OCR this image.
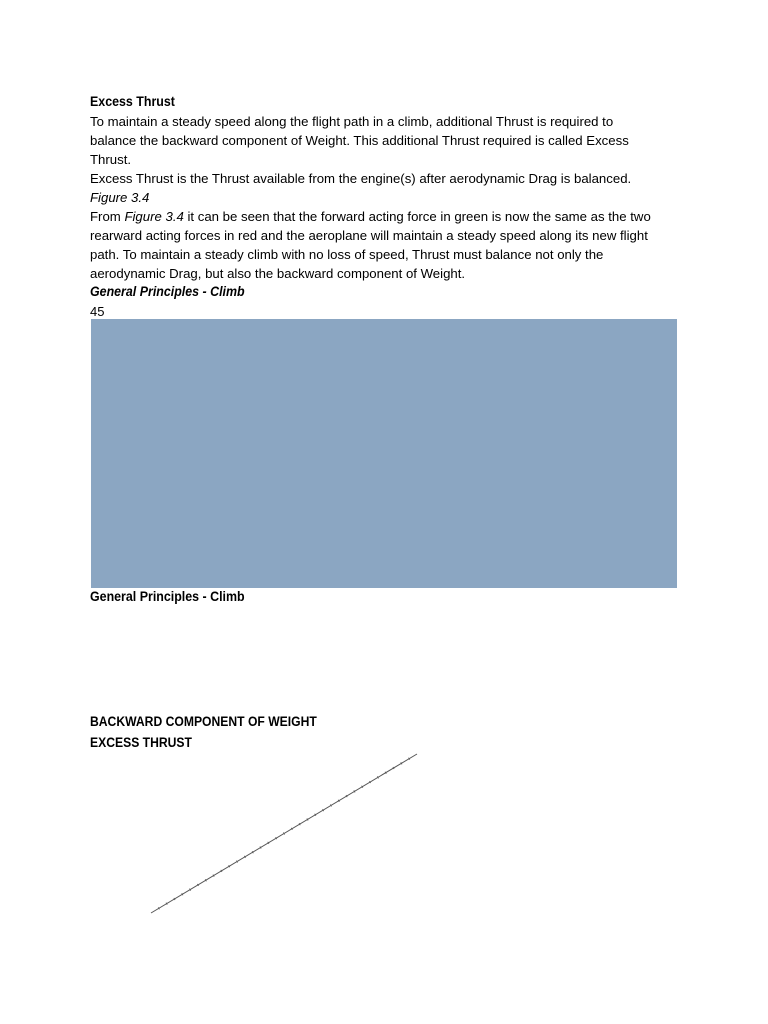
Excess Thrust
To maintain a steady speed along the flight path in a climb, additional Thrust is required to
balance the backward component of Weight. This additional Thrust required is called Excess
Thrust.
Excess Thrust is the Thrust available from the engine(s) after aerodynamic Drag is balanced.
Figure 3.4
From Figure 3.4 it can be seen that the forward acting force in green is now the same as the two
rearward acting forces in red and the aeroplane will maintain a steady speed along its new flight
path. To maintain a steady climb with no loss of speed, Thrust must balance not only the
aerodynamic Drag, but also the backward component of Weight.
General Principles - Climb
45
General Principles - Climb
BACKWARD COMPONENT OF WEIGHT
EXCESS THRUST
